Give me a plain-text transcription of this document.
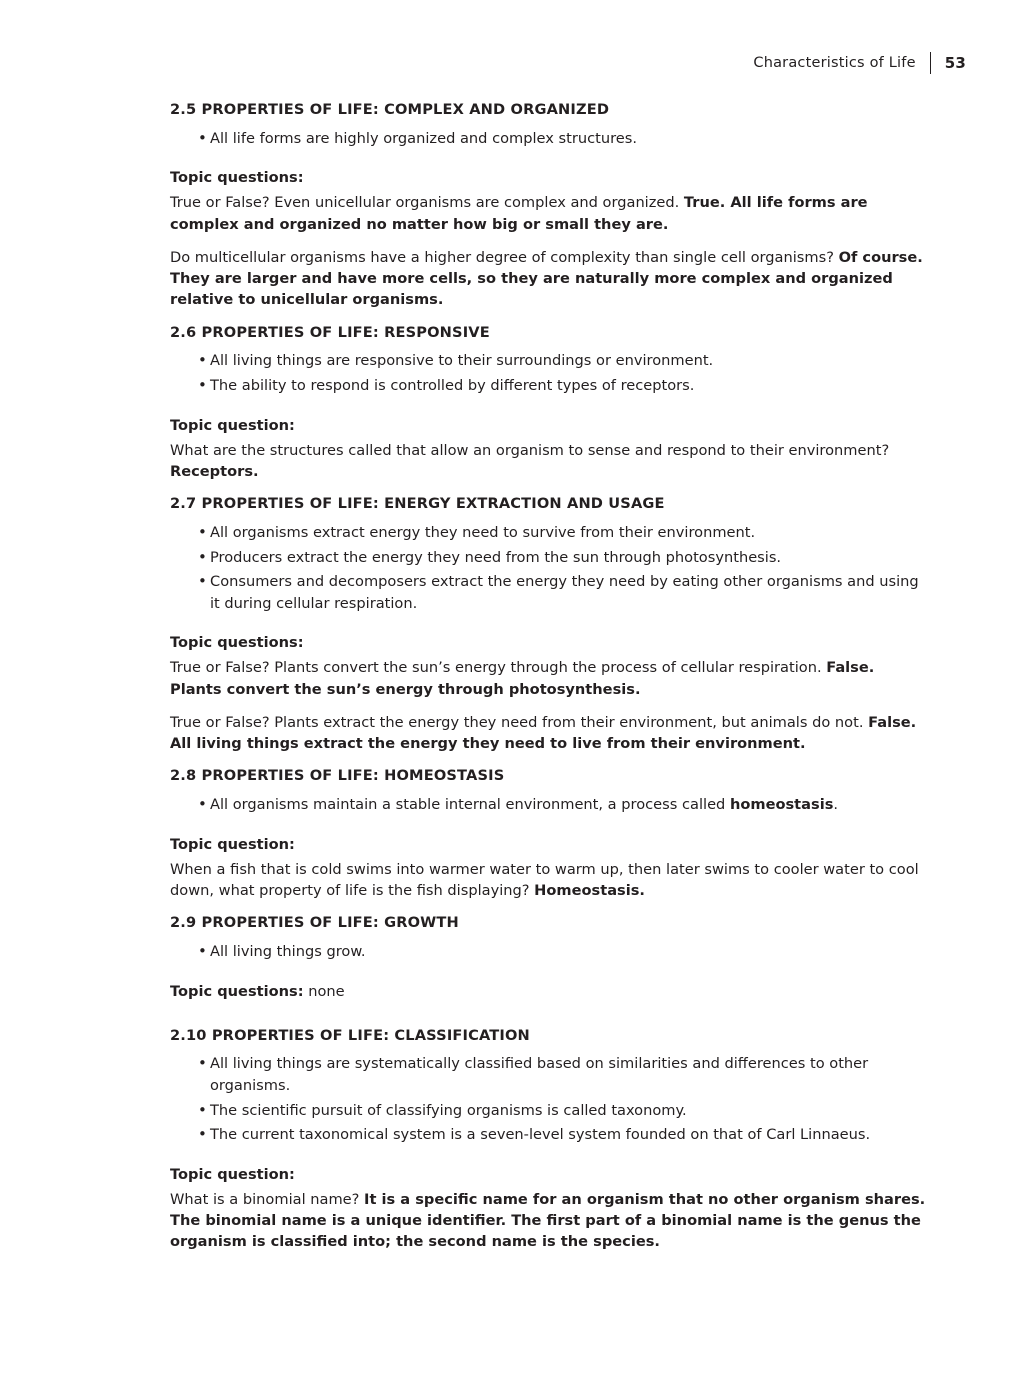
Characteristics of Life 53
2.5 PROPERTIES OF LIFE: COMPLEX AND ORGANIZED
• All life forms are highly organized and complex structures.

Topic questions:

True or False? Even unicellular organisms are complex and organized. True. All life forms are complex and organized no matter how big or small they are.

Do multicellular organisms have a higher degree of complexity than single cell organisms? Of course. They are larger and have more cells, so they are naturally more complex and organized relative to unicellular organisms.

2.6 PROPERTIES OF LIFE: RESPONSIVE
• All living things are responsive to their surroundings or environment.
• The ability to respond is controlled by different types of receptors.

Topic question:

What are the structures called that allow an organism to sense and respond to their environment? Receptors.

2.7 PROPERTIES OF LIFE: ENERGY EXTRACTION AND USAGE
• All organisms extract energy they need to survive from their environment.
• Producers extract the energy they need from the sun through photosynthesis.
• Consumers and decomposers extract the energy they need by eating other organisms and using it during cellular respiration.

Topic questions:

True or False? Plants convert the sun’s energy through the process of cellular respiration. False. Plants convert the sun’s energy through photosynthesis.

True or False? Plants extract the energy they need from their environment, but animals do not. False. All living things extract the energy they need to live from their environment.

2.8 PROPERTIES OF LIFE: HOMEOSTASIS
• All organisms maintain a stable internal environment, a process called homeostasis.

Topic question:

When a fish that is cold swims into warmer water to warm up, then later swims to cooler water to cool down, what property of life is the fish displaying? Homeostasis.

2.9 PROPERTIES OF LIFE: GROWTH
• All living things grow.

Topic questions: none

2.10 PROPERTIES OF LIFE: CLASSIFICATION
• All living things are systematically classified based on similarities and differences to other organisms.
• The scientific pursuit of classifying organisms is called taxonomy.
• The current taxonomical system is a seven-level system founded on that of Carl Linnaeus.

Topic question:

What is a binomial name? It is a specific name for an organism that no other organism shares. The binomial name is a unique identifier. The first part of a binomial name is the genus the organism is classified into; the second name is the species.
